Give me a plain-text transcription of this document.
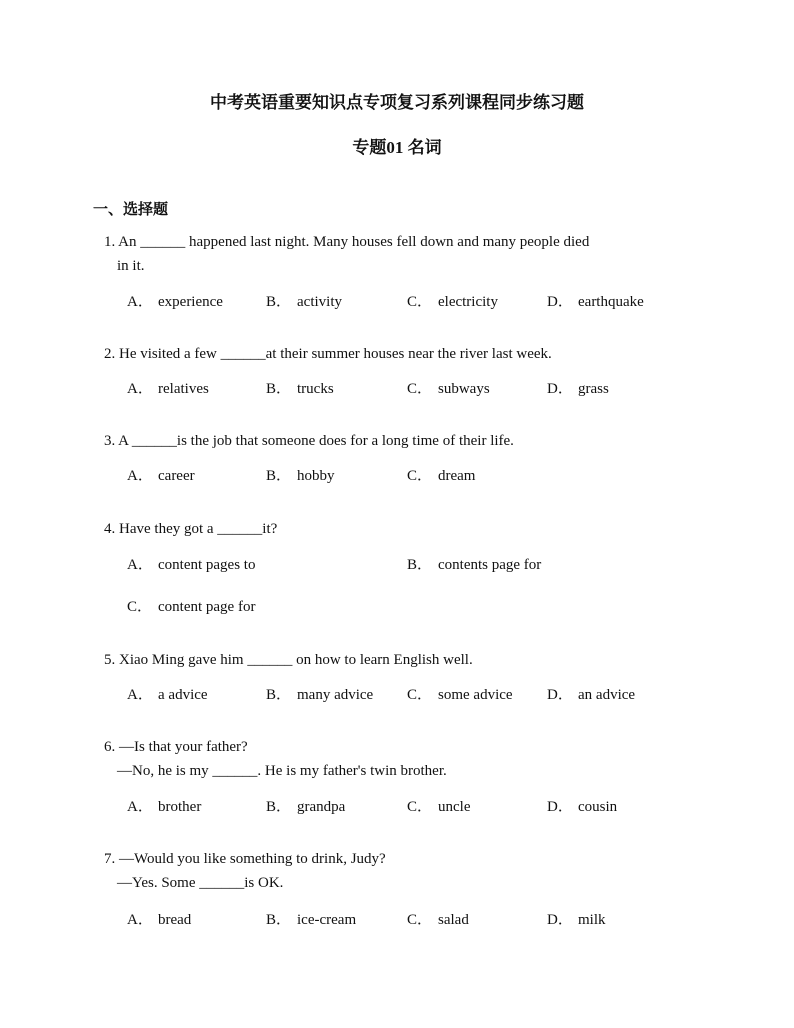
中考英语重要知识点专项复习系列课程同步练习题
专题01 名词
一、选择题
1. An ______ happened last night. Many houses fell down and many people died
in it.
A． experience	B． activity	C． electricity	D． earthquake
2. He visited a few ______at their summer houses near the river last week.
A． relatives	B． trucks	C． subways	D． grass
3. A ______is the job that someone does for a long time of their life.
A． career	B． hobby	C． dream
4. Have they got a ______it?
A． content pages to	B． contents page for
C． content page for
5. Xiao Ming gave him ______ on how to learn English well.
A． a advice	B． many advice C． some advice D． an advice
6. —Is that your father?
—No, he is my ______. He is my father's twin brother.
A． brother	B． grandpa	C． uncle	D． cousin
7. —Would you like something to drink, Judy?
—Yes. Some ______is OK.
A． bread	B． ice-cream	C． salad	D． milk
